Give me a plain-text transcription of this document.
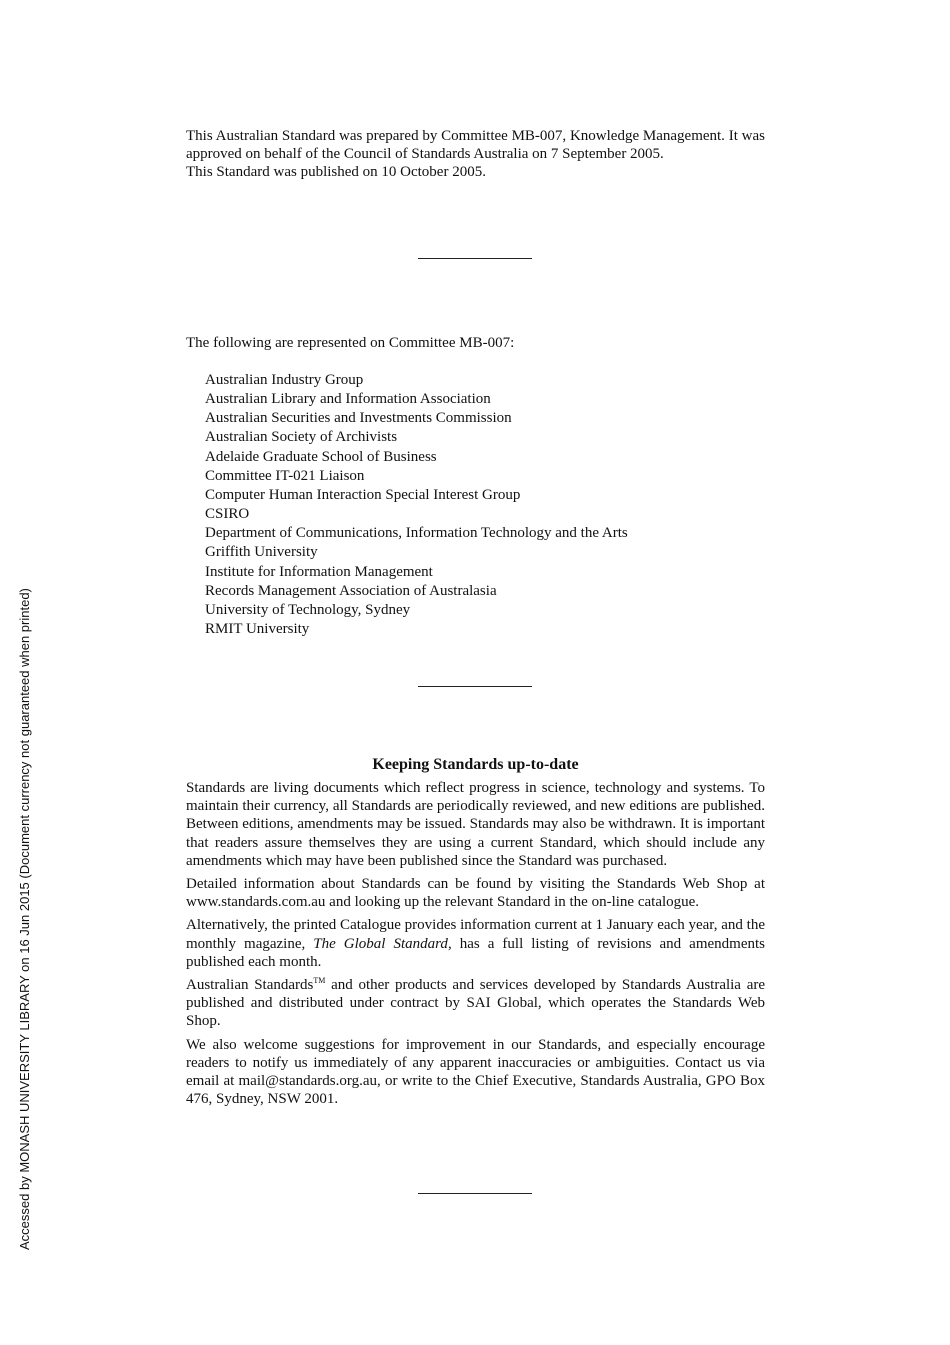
Accessed by MONASH UNIVERSITY LIBRARY on 16 Jun 2015 (Document currency not guaranteed when printed)
This Australian Standard was prepared by Committee MB-007, Knowledge Management. It was approved on behalf of the Council of Standards Australia on 7 September 2005.
This Standard was published on 10 October 2005.
The following are represented on Committee MB-007:
Australian Industry Group
Australian Library and Information Association
Australian Securities and Investments Commission
Australian Society of Archivists
Adelaide Graduate School of Business
Committee IT-021 Liaison
Computer Human Interaction Special Interest Group
CSIRO
Department of Communications, Information Technology and the Arts
Griffith University
Institute for Information Management
Records Management Association of Australasia
University of Technology, Sydney
RMIT University
Keeping Standards up-to-date

Standards are living documents which reflect progress in science, technology and systems. To maintain their currency, all Standards are periodically reviewed, and new editions are published. Between editions, amendments may be issued. Standards may also be withdrawn. It is important that readers assure themselves they are using a current Standard, which should include any amendments which may have been published since the Standard was purchased.

Detailed information about Standards can be found by visiting the Standards Web Shop at www.standards.com.au and looking up the relevant Standard in the on-line catalogue.

Alternatively, the printed Catalogue provides information current at 1 January each year, and the monthly magazine, The Global Standard, has a full listing of revisions and amendments published each month.

Australian Standards™ and other products and services developed by Standards Australia are published and distributed under contract by SAI Global, which operates the Standards Web Shop.

We also welcome suggestions for improvement in our Standards, and especially encourage readers to notify us immediately of any apparent inaccuracies or ambiguities. Contact us via email at mail@standards.org.au, or write to the Chief Executive, Standards Australia, GPO Box 476, Sydney, NSW 2001.
